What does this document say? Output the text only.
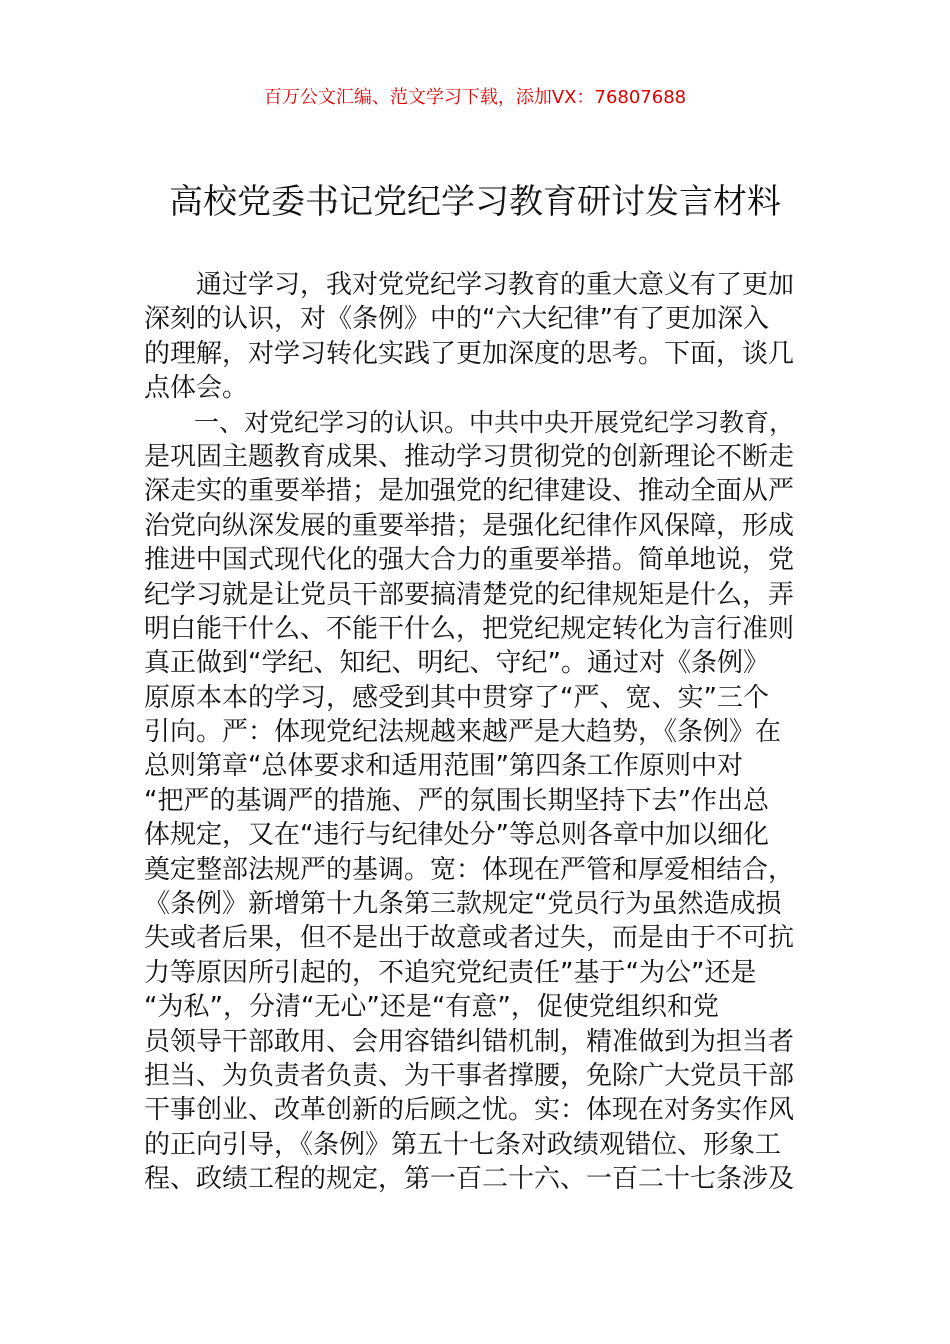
百万公文汇编、范文学习下载，添加VX：76807688
高校党委书记党纪学习教育研讨发言材料
　　通过学习，我对党党纪学习教育的重大意义有了更加
深刻的认识，对《条例》中的“六大纪律”有了更加深入
的理解，对学习转化实践了更加深度的思考。下面，谈几
点体会。
　　一、对党纪学习的认识。中共中央开展党纪学习教育，
是巩固主题教育成果、推动学习贯彻党的创新理论不断走
深走实的重要举措；是加强党的纪律建设、推动全面从严
治党向纵深发展的重要举措；是强化纪律作风保障，形成
推进中国式现代化的强大合力的重要举措。简单地说，党
纪学习就是让党员干部要搞清楚党的纪律规矩是什么，弄
明白能干什么、不能干什么，把党纪规定转化为言行准则
真正做到“学纪、知纪、明纪、守纪”。通过对《条例》
原原本本的学习，感受到其中贯穿了“严、宽、实”三个
引向。严：体现党纪法规越来越严是大趋势，《条例》在
总则第章“总体要求和适用范围”第四条工作原则中对
“把严的基调严的措施、严的氛围长期坚持下去”作出总
体规定，又在“违行与纪律处分”等总则各章中加以细化
奠定整部法规严的基调。宽：体现在严管和厚爱相结合，
《条例》新增第十九条第三款规定“党员行为虽然造成损
失或者后果，但不是出于故意或者过失，而是由于不可抗
力等原因所引起的，不追究党纪责任”基于“为公”还是
“为私”，分清“无心”还是“有意”，促使党组织和党
员领导干部敢用、会用容错纠错机制，精准做到为担当者
担当、为负责者负责、为干事者撑腰，免除广大党员干部
干事创业、改革创新的后顾之忧。实：体现在对务实作风
的正向引导，《条例》第五十七条对政绩观错位、形象工
程、政绩工程的规定，第一百二十六、一百二十七条涉及
